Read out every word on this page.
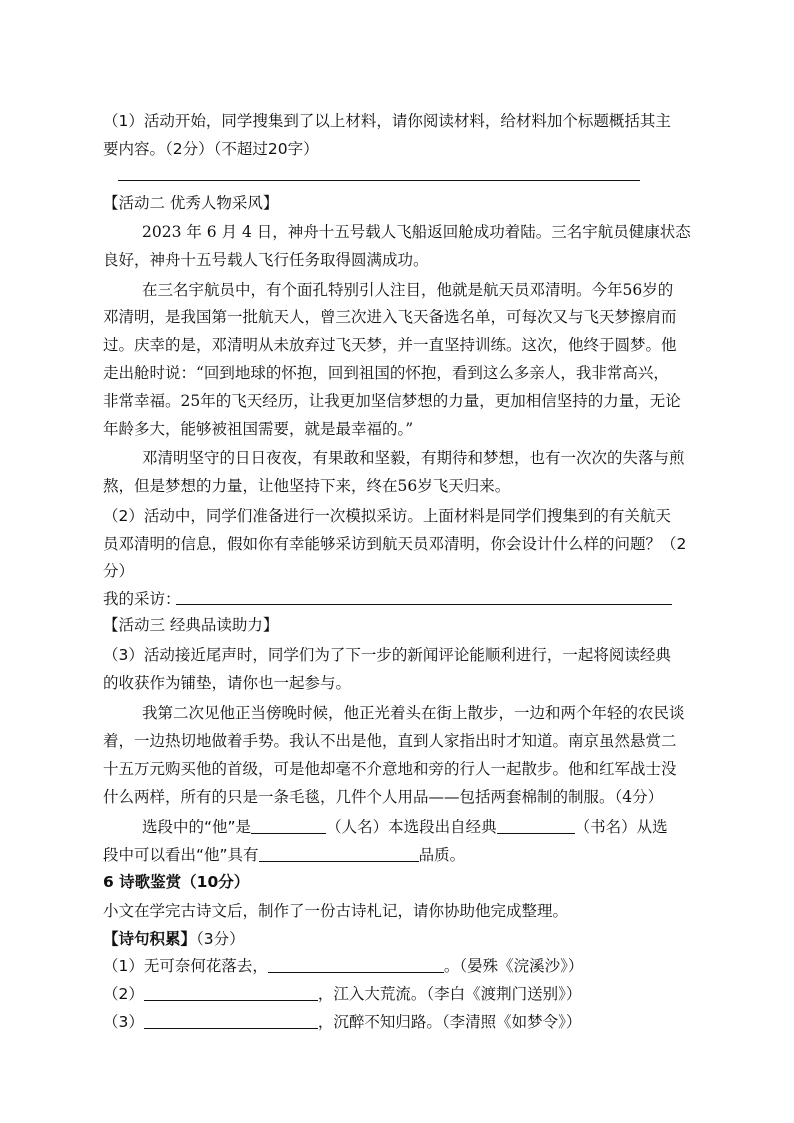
（1）活动开始，同学搜集到了以上材料，请你阅读材料，给材料加个标题概括其主
要内容。（2分）（不超过20字）
【活动二 优秀人物采风】
2023 年 6 月 4 日，神舟十五号载人飞船返回舱成功着陆。三名宇航员健康状态
良好，神舟十五号载人飞行任务取得圆满成功。
在三名宇航员中，有个面孔特别引人注目，他就是航天员邓清明。今年56岁的
邓清明，是我国第一批航天人，曾三次进入飞天备选名单，可每次又与飞天梦擦肩而
过。庆幸的是，邓清明从未放弃过飞天梦，并一直坚持训练。这次，他终于圆梦。他
走出舱时说：“回到地球的怀抱，回到祖国的怀抱，看到这么多亲人，我非常高兴，
非常幸福。25年的飞天经历，让我更加坚信梦想的力量，更加相信坚持的力量，无论
年龄多大，能够被祖国需要，就是最幸福的。”
邓清明坚守的日日夜夜，有果敢和坚毅，有期待和梦想，也有一次次的失落与煎
熬，但是梦想的力量，让他坚持下来，终在56岁飞天归来。
（2）活动中，同学们准备进行一次模拟采访。上面材料是同学们搜集到的有关航天
员邓清明的信息，假如你有幸能够采访到航天员邓清明，你会设计什么样的问题？（2
分）
我的采访：
【活动三 经典品读助力】
（3）活动接近尾声时，同学们为了下一步的新闻评论能顺利进行，一起将阅读经典
的收获作为铺垫，请你也一起参与。
我第二次见他正当傍晚时候，他正光着头在街上散步，一边和两个年轻的农民谈
着，一边热切地做着手势。我认不出是他，直到人家指出时才知道。南京虽然悬赏二
十五万元购买他的首级，可是他却毫不介意地和旁的行人一起散步。他和红军战士没
什么两样，所有的只是一条毛毯，几件个人用品——包括两套棉制的制服。（4分）
选段中的“他”是	（人名）本选段出自经典	（书名）从选
段中可以看出“他”具有	品质。
6 诗歌鉴赏（10分）
小文在学完古诗文后，制作了一份古诗札记，请你协助他完成整理。
【诗句积累】（3分）
（1）无可奈何花落去，	。（晏殊《浣溪沙》）
（2）	，江入大荒流。（李白《渡荆门送别》）
（3）	，沉醉不知归路。（李清照《如梦令》）
